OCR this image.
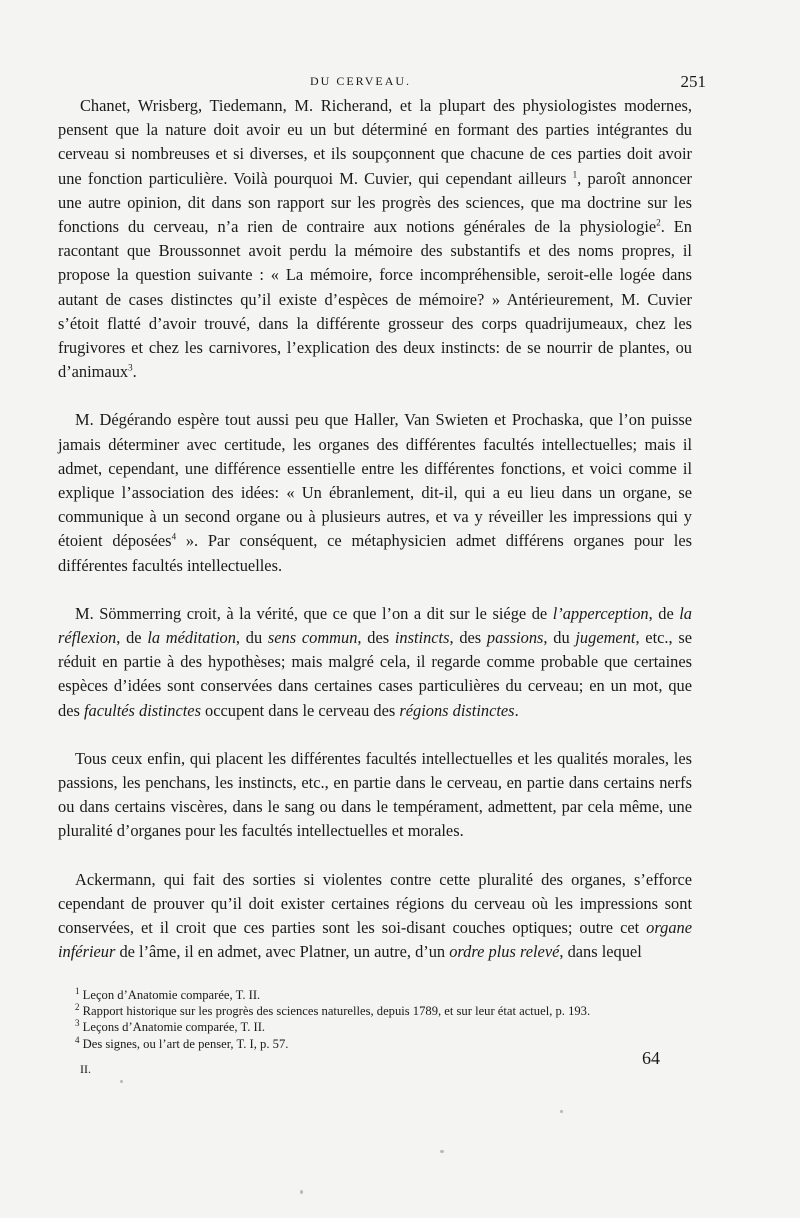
DU CERVEAU.	251

Chanet, Wrisberg, Tiedemann, M. Richerand, et la plupart des physiologistes modernes, pensent que la nature doit avoir eu un but déterminé en formant des parties intégrantes du cerveau si nombreuses et si diverses, et ils soupçonnent que chacune de ces parties doit avoir une fonction particulière. Voilà pourquoi M. Cuvier, qui cependant ailleurs $^1$, paroît annoncer une autre opinion, dit dans son rapport sur les progrès des sciences, que ma doctrine sur les fonctions du cerveau, n’a rien de contraire aux notions générales de la physiologie$^2$. En racontant que Broussonnet avoit perdu la mémoire des substantifs et des noms propres, il propose la question suivante : « La mémoire, force incompréhensible, seroit-elle logée dans autant de cases distinctes qu’il existe d’espèces de mémoire? » Antérieurement, M. Cuvier s’étoit flatté d’avoir trouvé, dans la différente grosseur des corps quadrijumeaux, chez les frugivores et chez les carnivores, l’explication des deux instincts: de se nourrir de plantes, ou d’animaux$^3$.

M. Dégérando espère tout aussi peu que Haller, Van Swieten et Prochaska, que l’on puisse jamais déterminer avec certitude, les organes des différentes facultés intellectuelles; mais il admet, cependant, une différence essentielle entre les différentes fonctions, et voici comme il explique l’association des idées: « Un ébranlement, dit-il, qui a eu lieu dans un organe, se communique à un second organe ou à plusieurs autres, et va y réveiller les impressions qui y étoient déposées$^4$ ». Par conséquent, ce métaphysicien admet différens organes pour les différentes facultés intellectuelles.

M. Sömmerring croit, à la vérité, que ce que l’on a dit sur le siége de l’apperception, de la réflexion, de la méditation, du sens commun, des instincts, des passions, du jugement, etc., se réduit en partie à des hypothèses; mais malgré cela, il regarde comme probable que certaines espèces d’idées sont conservées dans certaines cases particulières du cerveau; en un mot, que des facultés distinctes occupent dans le cerveau des régions distinctes.

Tous ceux enfin, qui placent les différentes facultés intellectuelles et les qualités morales, les passions, les penchans, les instincts, etc., en partie dans le cerveau, en partie dans certains nerfs ou dans certains viscères, dans le sang ou dans le tempérament, admettent, par cela même, une pluralité d’organes pour les facultés intellectuelles et morales.

Ackermann, qui fait des sorties si violentes contre cette pluralité des organes, s’efforce cependant de prouver qu’il doit exister certaines régions du cerveau où les impressions sont conservées, et il croit que ces parties sont les soi-disant couches optiques; outre cet organe inférieur de l’âme, il en admet, avec Platner, un autre, d’un ordre plus relevé, dans lequel

$^1$ Leçon d’Anatomie comparée, T. II.
$^2$ Rapport historique sur les progrès des sciences naturelles, depuis 1789, et sur leur état actuel, p. 193.
$^3$ Leçons d’Anatomie comparée, T. II.
$^4$ Des signes, ou l’art de penser, T. I, p. 57.
II.
64
